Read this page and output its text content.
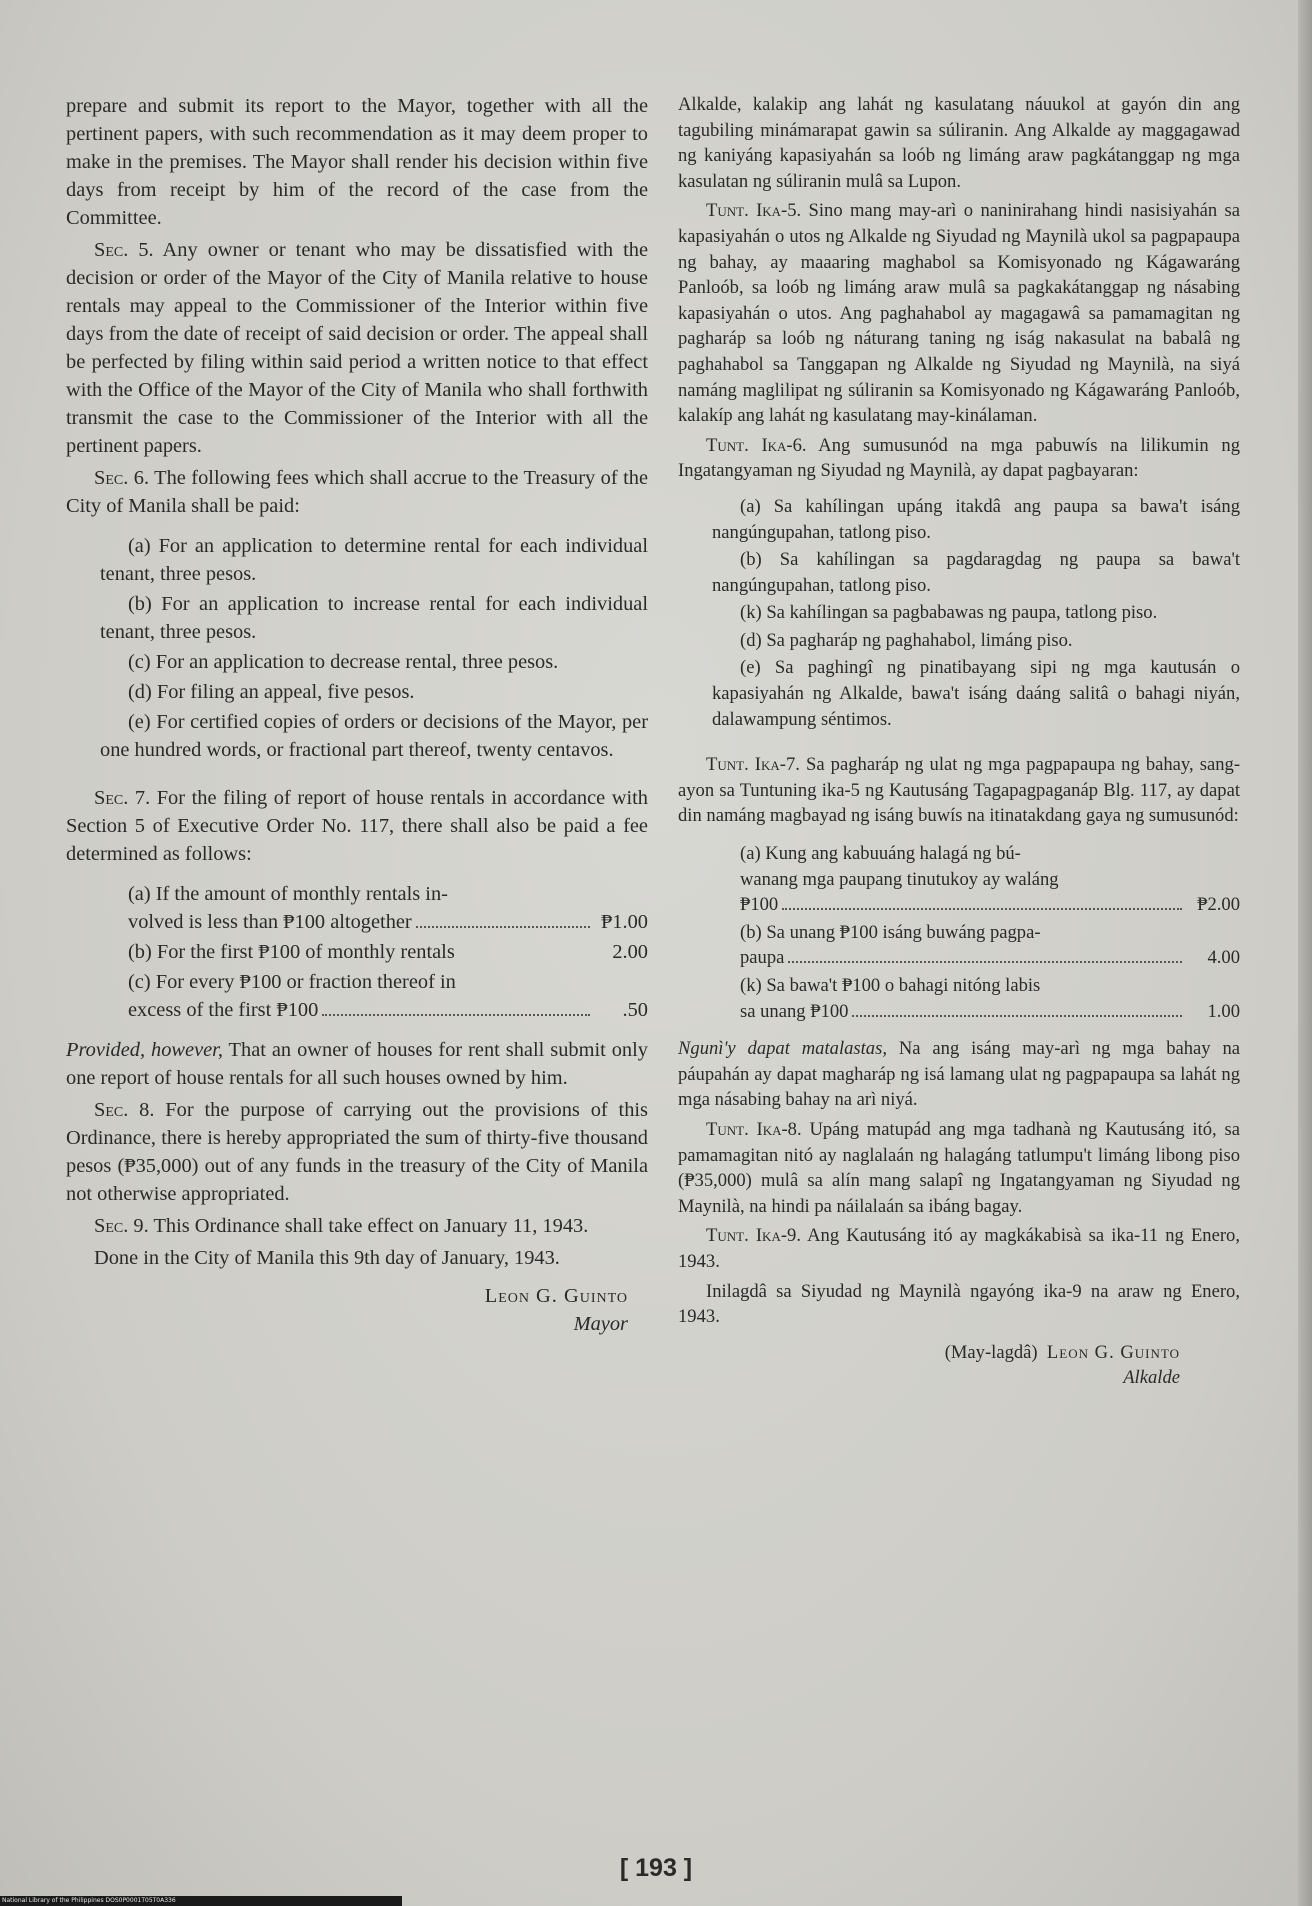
prepare and submit its report to the Mayor, together with all the pertinent papers, with such recommendation as it may deem proper to make in the premises. The Mayor shall render his decision within five days from receipt by him of the record of the case from the Committee.

Sec. 5. Any owner or tenant who may be dissatisfied with the decision or order of the Mayor of the City of Manila relative to house rentals may appeal to the Commissioner of the Interior within five days from the date of receipt of said decision or order. The appeal shall be perfected by filing within said period a written notice to that effect with the Office of the Mayor of the City of Manila who shall forthwith transmit the case to the Commissioner of the Interior with all the pertinent papers.

Sec. 6. The following fees which shall accrue to the Treasury of the City of Manila shall be paid:

(a) For an application to determine rental for each individual tenant, three pesos.

(b) For an application to increase rental for each individual tenant, three pesos.

(c) For an application to decrease rental, three pesos.

(d) For filing an appeal, five pesos.

(e) For certified copies of orders or decisions of the Mayor, per one hundred words, or fractional part thereof, twenty centavos.

Sec. 7. For the filing of report of house rentals in accordance with Section 5 of Executive Order No. 117, there shall also be paid a fee determined as follows:

(a) If the amount of monthly rentals in-
volved is less than ₱100 altogether	₱1.00
(b) For the first ₱100 of monthly rentals	2.00
(c) For every ₱100 or fraction thereof in
excess of the first ₱100	.50

Provided, however, That an owner of houses for rent shall submit only one report of house rentals for all such houses owned by him.

Sec. 8. For the purpose of carrying out the provisions of this Ordinance, there is hereby appropriated the sum of thirty-five thousand pesos (₱35,000) out of any funds in the treasury of the City of Manila not otherwise appropriated.

Sec. 9. This Ordinance shall take effect on January 11, 1943.

Done in the City of Manila this 9th day of January, 1943.

Leon G. Guinto
Mayor

Alkalde, kalakip ang lahát ng kasulatang náuukol at gayón din ang tagubiling minámarapat gawin sa súliranin. Ang Alkalde ay maggagawad ng kaniyáng kapasiyahán sa loób ng limáng araw pagkátanggap ng mga kasulatan ng súliranin mulâ sa Lupon.

Tunt. Ika-5. Sino mang may-arì o naninirahang hindi nasisiyahán sa kapasiyahán o utos ng Alkalde ng Siyudad ng Maynilà ukol sa pagpapaupa ng bahay, ay maaaring maghabol sa Komisyonado ng Kágawaráng Panloób, sa loób ng limáng araw mulâ sa pagkakátanggap ng násabing kapasiyahán o utos. Ang paghahabol ay magagawâ sa pamamagitan ng pagharáp sa loób ng náturang taning ng iság nakasulat na babalâ ng paghahabol sa Tanggapan ng Alkalde ng Siyudad ng Maynilà, na siyá namáng maglilipat ng súliranin sa Komisyonado ng Kágawaráng Panloób, kalakíp ang lahát ng kasulatang may-kinálaman.

Tunt. Ika-6. Ang sumusunód na mga pabuwís na lilikumin ng Ingatangyaman ng Siyudad ng Maynilà, ay dapat pagbayaran:

(a) Sa kahílingan upáng itakdâ ang paupa sa bawa't isáng nangúngupahan, tatlong piso.

(b) Sa kahílingan sa pagdaragdag ng paupa sa bawa't nangúngupahan, tatlong piso.

(k) Sa kahílingan sa pagbabawas ng paupa, tatlong piso.

(d) Sa pagharáp ng paghahabol, limáng piso.

(e) Sa paghingî ng pinatibayang sipi ng mga kautusán o kapasiyahán ng Alkalde, bawa't isáng daáng salitâ o bahagi niyán, dalawampung séntimos.

Tunt. Ika-7. Sa pagharáp ng ulat ng mga pagpapaupa ng bahay, sang-ayon sa Tuntuning ika-5 ng Kautusáng Tagapagpaganáp Blg. 117, ay dapat din namáng magbayad ng isáng buwís na itinatakdang gaya ng sumusunód:

(a) Kung ang kabuuáng halagá ng bú-
wanang mga paupang tinutukoy ay waláng
₱100	₱2.00
(b) Sa unang ₱100 isáng buwáng pagpa-
paupa	4.00
(k) Sa bawa't ₱100 o bahagi nitóng labis
sa unang ₱100	1.00

Ngunì'y dapat matalastas, Na ang isáng may-arì ng mga bahay na páupahán ay dapat magharáp ng isá lamang ulat ng pagpapaupa sa lahát ng mga násabing bahay na arì niyá.

Tunt. Ika-8. Upáng matupád ang mga tadhanà ng Kautusáng itó, sa pamamagitan nitó ay naglalaán ng halagáng tatlumpu't limáng libong piso (₱35,000) mulâ sa alín mang salapî ng Ingatangyaman ng Siyudad ng Maynilà, na hindi pa náilalaán sa ibáng bagay.

Tunt. Ika-9. Ang Kautusáng itó ay magkákabisà sa ika-11 ng Enero, 1943.

Inilagdâ sa Siyudad ng Maynilà ngayóng ika-9 na araw ng Enero, 1943.

(May-lagdâ) Leon G. Guinto
Alkalde
[ 193 ]
National Library of the Philippines DOS0P0001T05T0A336
